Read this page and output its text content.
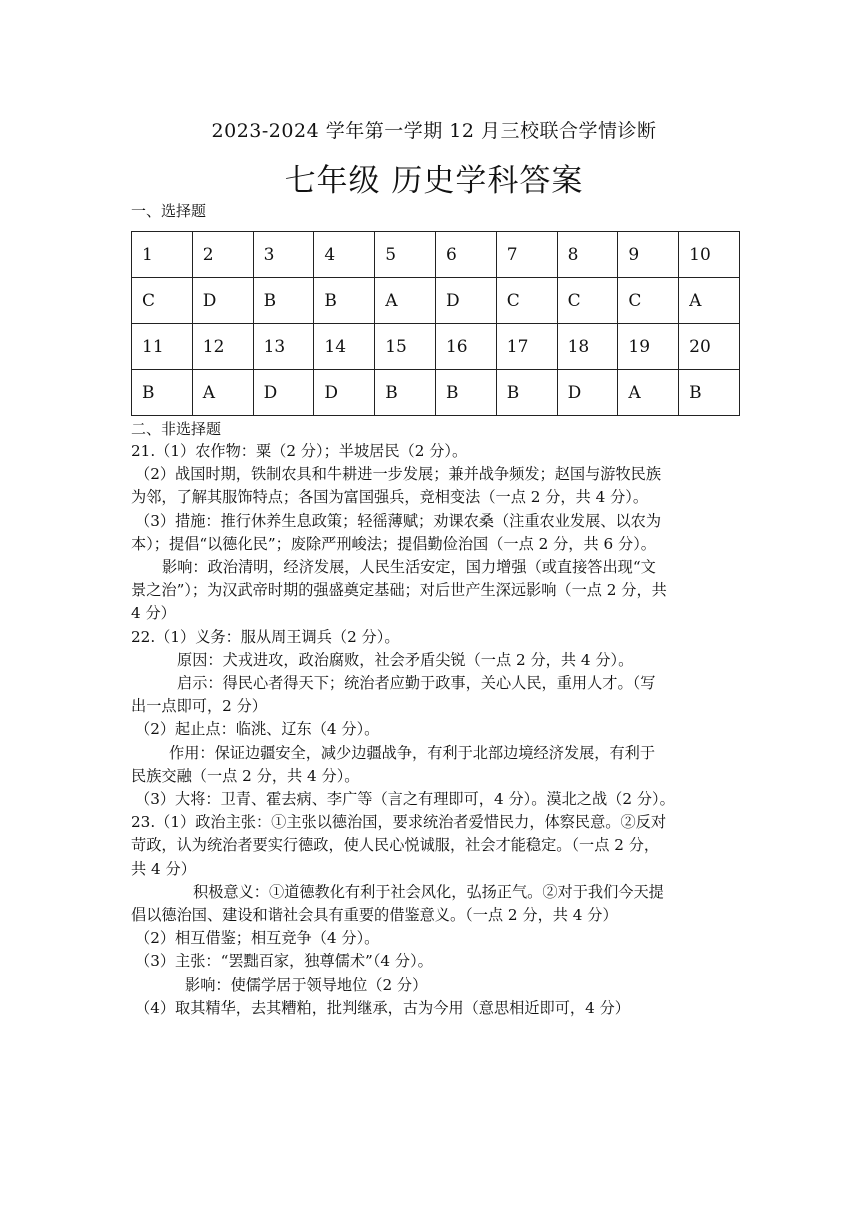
2023-2024 学年第一学期 12 月三校联合学情诊断
七年级 历史学科答案
一、选择题
1	2	3	4	5	6	7	8	9	10
C	D	B	B	A	D	C	C	C	A
11	12	13	14	15	16	17	18	19	20
B	A	D	D	B	B	B	D	A	B
二、非选择题

21.（1）农作物：粟（2 分）；半坡居民（2 分）。

（2）战国时期，铁制农具和牛耕进一步发展；兼并战争频发；赵国与游牧民族

为邻，了解其服饰特点；各国为富国强兵，竞相变法（一点 2 分，共 4 分）。

（3）措施：推行休养生息政策；轻徭薄赋；劝课农桑（注重农业发展、以农为

本）；提倡“以德化民”；废除严刑峻法；提倡勤俭治国（一点 2 分，共 6 分）。

影响：政治清明，经济发展，人民生活安定，国力增强（或直接答出现“文

景之治”）；为汉武帝时期的强盛奠定基础；对后世产生深远影响（一点 2 分，共

4 分）

22.（1）义务：服从周王调兵（2 分）。

原因：犬戎进攻，政治腐败，社会矛盾尖锐（一点 2 分，共 4 分）。

启示：得民心者得天下；统治者应勤于政事，关心人民，重用人才。（写

出一点即可，2 分）

（2）起止点：临洮、辽东（4 分）。

作用：保证边疆安全，减少边疆战争，有利于北部边境经济发展，有利于

民族交融（一点 2 分，共 4 分）。

（3）大将：卫青、霍去病、李广等（言之有理即可，4 分）。漠北之战（2 分）。

23.（1）政治主张：①主张以德治国，要求统治者爱惜民力，体察民意。②反对

苛政，认为统治者要实行德政，使人民心悦诚服，社会才能稳定。（一点 2 分，

共 4 分）

积极意义：①道德教化有利于社会风化，弘扬正气。②对于我们今天提

倡以德治国、建设和谐社会具有重要的借鉴意义。（一点 2 分，共 4 分）

（2）相互借鉴；相互竞争（4 分）。

（3）主张：“罢黜百家，独尊儒术”（4 分）。

影响：使儒学居于领导地位（2 分）

（4）取其精华，去其糟粕，批判继承，古为今用（意思相近即可，4 分）
